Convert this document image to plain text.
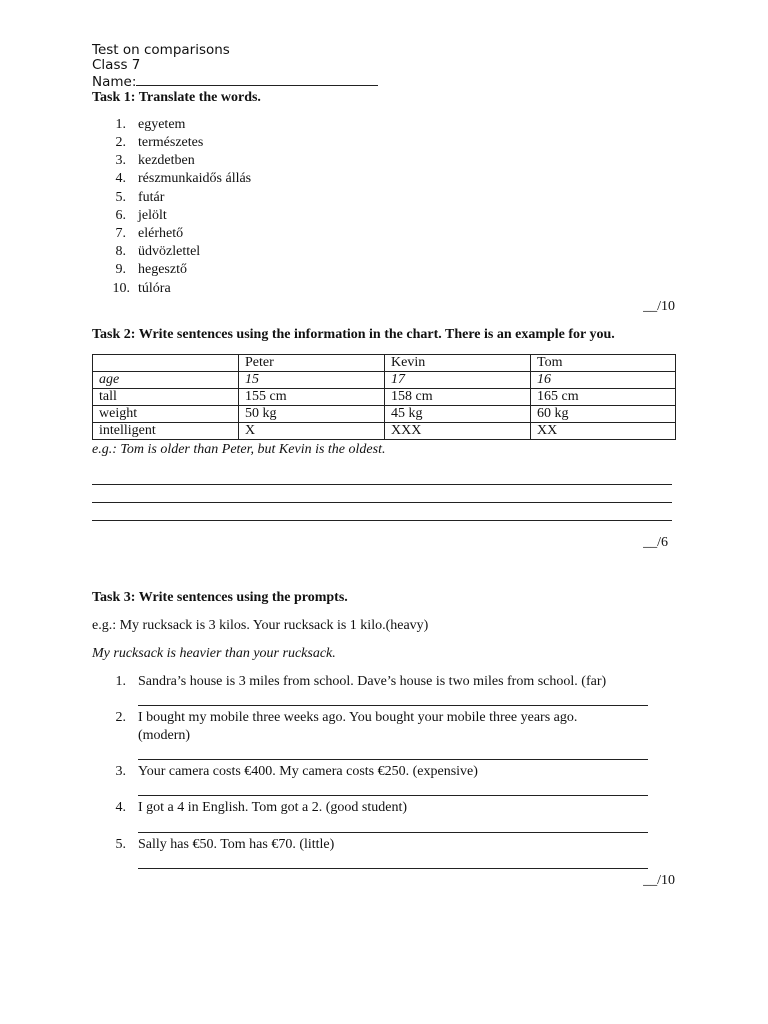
Test on comparisons
Class 7
Name:
Task 1: Translate the words.
1. egyetem
2. természetes
3. kezdetben
4. részmunkaidős állás
5. futár
6. jelölt
7. elérhető
8. üdvözlettel
9. hegesztő
10. túlóra
__/10
Task 2: Write sentences using the information in the chart. There is an example for you.
	Peter	Kevin	Tom
age	15	17	16
tall	155 cm	158 cm	165 cm
weight	50 kg	45 kg	60 kg
intelligent	X	XXX	XX
e.g.: Tom is older than Peter, but Kevin is the oldest.
__/6
Task 3: Write sentences using the prompts.
e.g.: My rucksack is 3 kilos. Your rucksack is 1 kilo.(heavy)
My rucksack is heavier than your rucksack.
1. Sandra’s house is 3 miles from school. Dave’s house is two miles from school. (far)
2. I bought my mobile three weeks ago. You bought your mobile three years ago.
(modern)
3. Your camera costs €400. My camera costs €250. (expensive)
4. I got a 4 in English. Tom got a 2. (good student)
5. Sally has €50. Tom has €70. (little)
__/10
